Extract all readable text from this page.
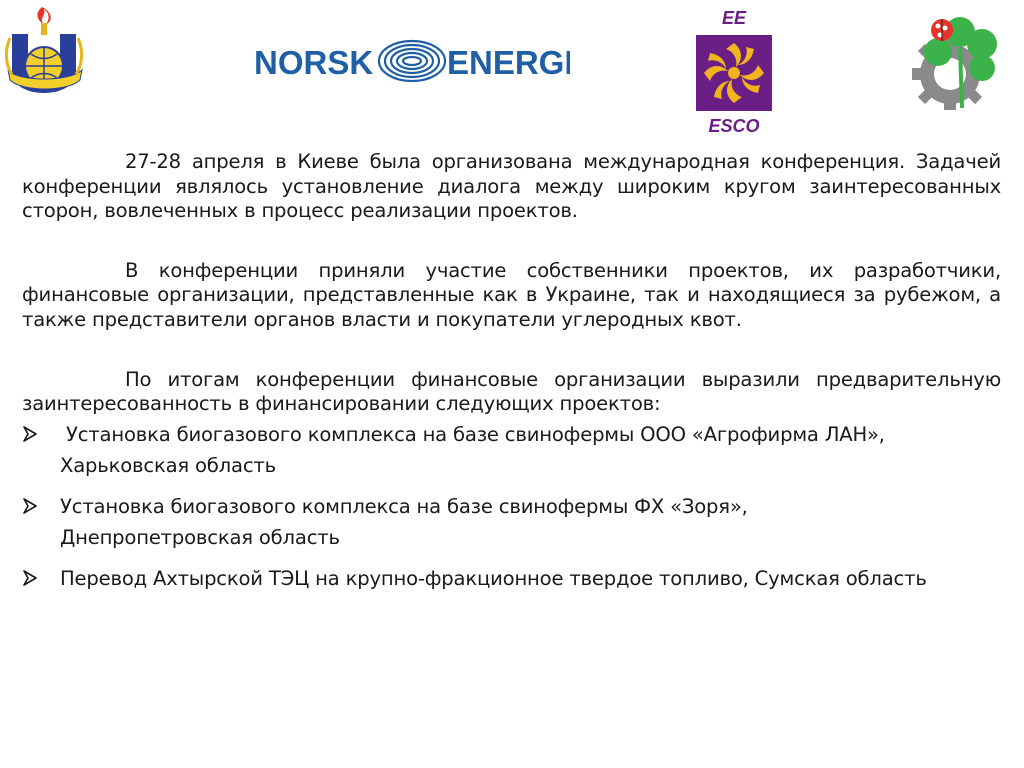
NORSK ENERGI
EE
ESCO

27-28 апреля в Киеве была организована международная конференция. Задачей конференции являлось установление диалога между широким кругом заинтересованных сторон, вовлеченных в процесс реализации проектов.

В конференции приняли участие собственники проектов, их разработчики, финансовые организации, представленные как в Украине, так и находящиеся за рубежом, а также представители органов власти и покупатели углеродных квот.

По итогам конференции финансовые организации выразили предварительную заинтересованность в финансировании следующих проектов:

Установка биогазового комплекса на базе свинофермы ООО «Агрофирма ЛАН»,
Харьковская область
Установка биогазового комплекса на базе свинофермы ФХ «Зоря»,
Днепропетровская область
Перевод Ахтырской ТЭЦ на крупно-фракционное твердое топливо, Сумская область
